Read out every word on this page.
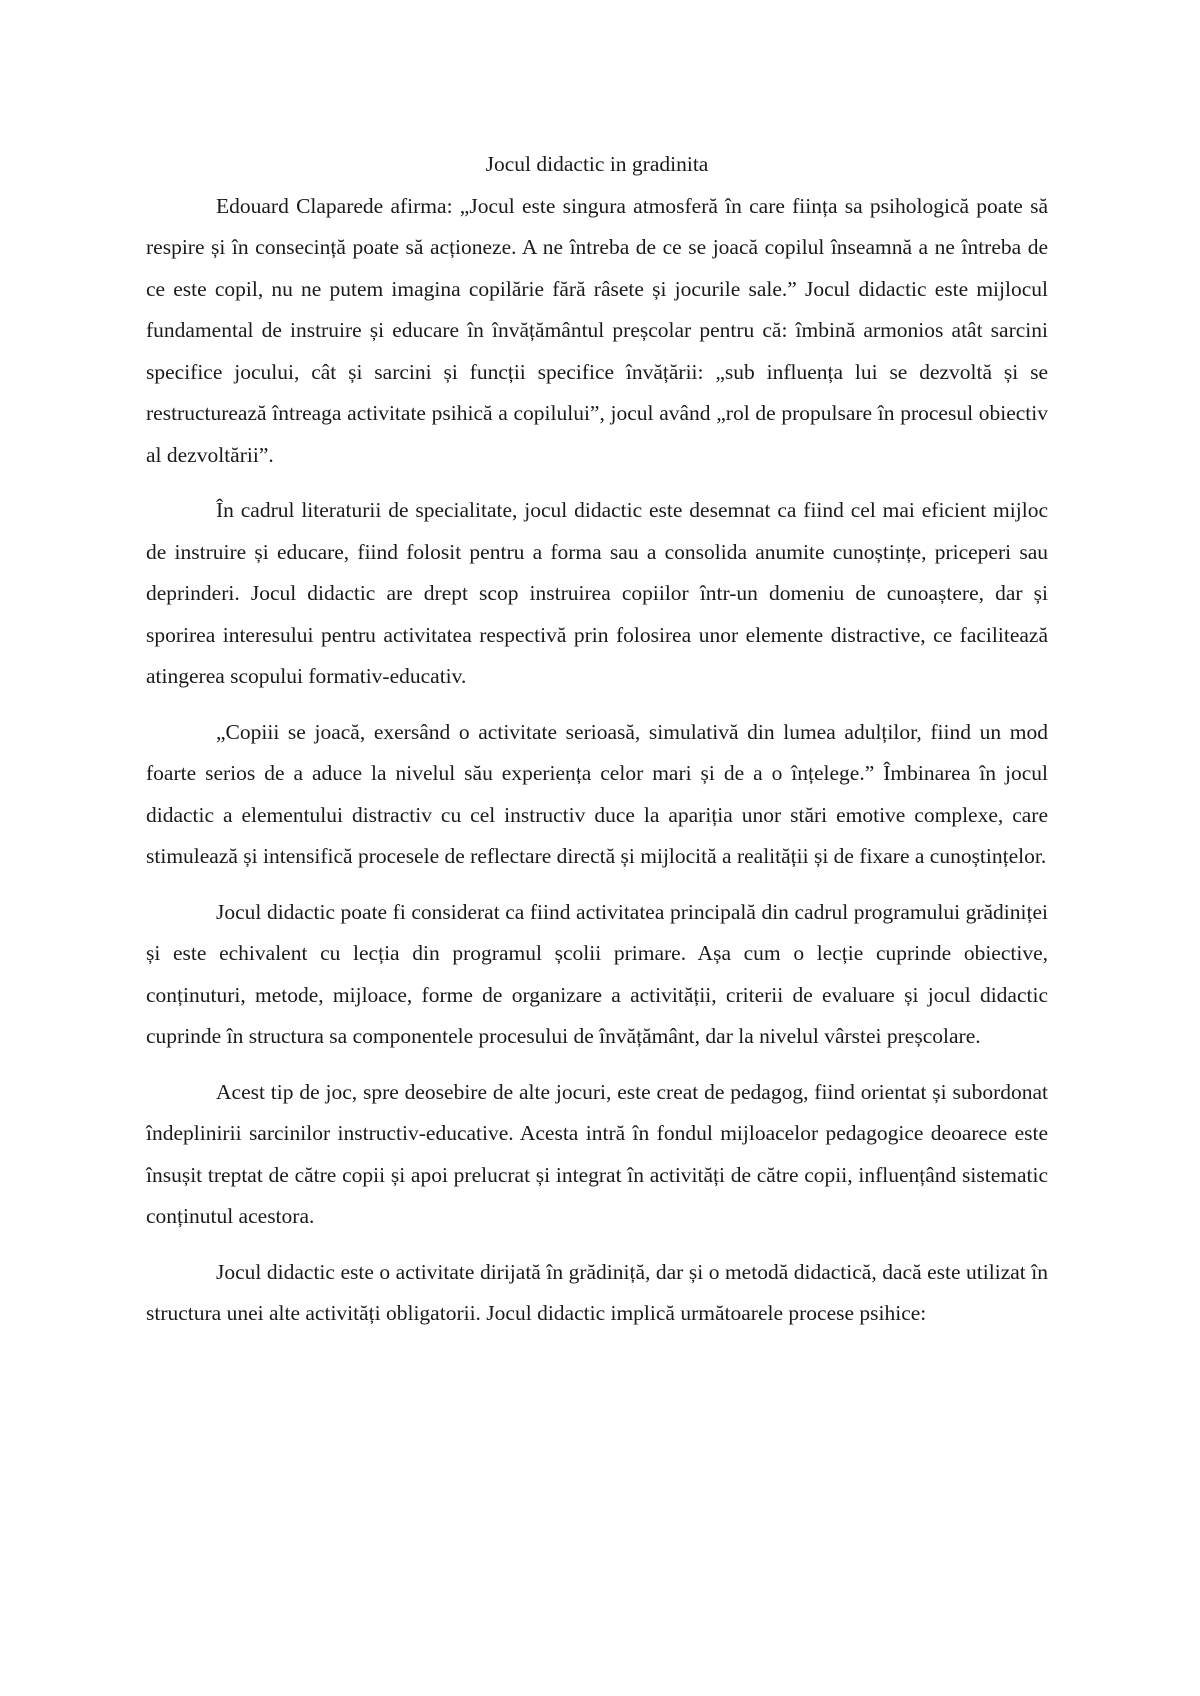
Jocul didactic in gradinita

Edouard Claparede afirma: „Jocul este singura atmosferă în care ființa sa psihologică poate să respire și în consecință poate să acționeze. A ne întreba de ce se joacă copilul înseamnă a ne întreba de ce este copil, nu ne putem imagina copilărie fără râsete și jocurile sale.” Jocul didactic este mijlocul fundamental de instruire și educare în învățământul preșcolar pentru că: îmbină armonios atât sarcini specifice jocului, cât și sarcini și funcții specifice învățării: „sub influența lui se dezvoltă și se restructurează întreaga activitate psihică a copilului”, jocul având „rol de propulsare în procesul obiectiv al dezvoltării”.

În cadrul literaturii de specialitate, jocul didactic este desemnat ca fiind cel mai eficient mijloc de instruire și educare, fiind folosit pentru a forma sau a consolida anumite cunoștințe, priceperi sau deprinderi. Jocul didactic are drept scop instruirea copiilor într-un domeniu de cunoaștere, dar și sporirea interesului pentru activitatea respectivă prin folosirea unor elemente distractive, ce facilitează atingerea scopului formativ-educativ.

„Copiii se joacă, exersând o activitate serioasă, simulativă din lumea adulților, fiind un mod foarte serios de a aduce la nivelul său experiența celor mari și de a o înțelege.” Îmbinarea în jocul didactic a elementului distractiv cu cel instructiv duce la apariția unor stări emotive complexe, care stimulează și intensifică procesele de reflectare directă și mijlocită a realității și de fixare a cunoștințelor.

Jocul didactic poate fi considerat ca fiind activitatea principală din cadrul programului grădiniței și este echivalent cu lecția din programul școlii primare. Așa cum o lecție cuprinde obiective, conținuturi, metode, mijloace, forme de organizare a activității, criterii de evaluare și jocul didactic cuprinde în structura sa componentele procesului de învățământ, dar la nivelul vârstei preșcolare.

Acest tip de joc, spre deosebire de alte jocuri, este creat de pedagog, fiind orientat și subordonat îndeplinirii sarcinilor instructiv-educative. Acesta intră în fondul mijloacelor pedagogice deoarece este însușit treptat de către copii și apoi prelucrat și integrat în activități de către copii, influențând sistematic conținutul acestora.

Jocul didactic este o activitate dirijată în grădiniță, dar și o metodă didactică, dacă este utilizat în structura unei alte activități obligatorii. Jocul didactic implică următoarele procese psihice:
